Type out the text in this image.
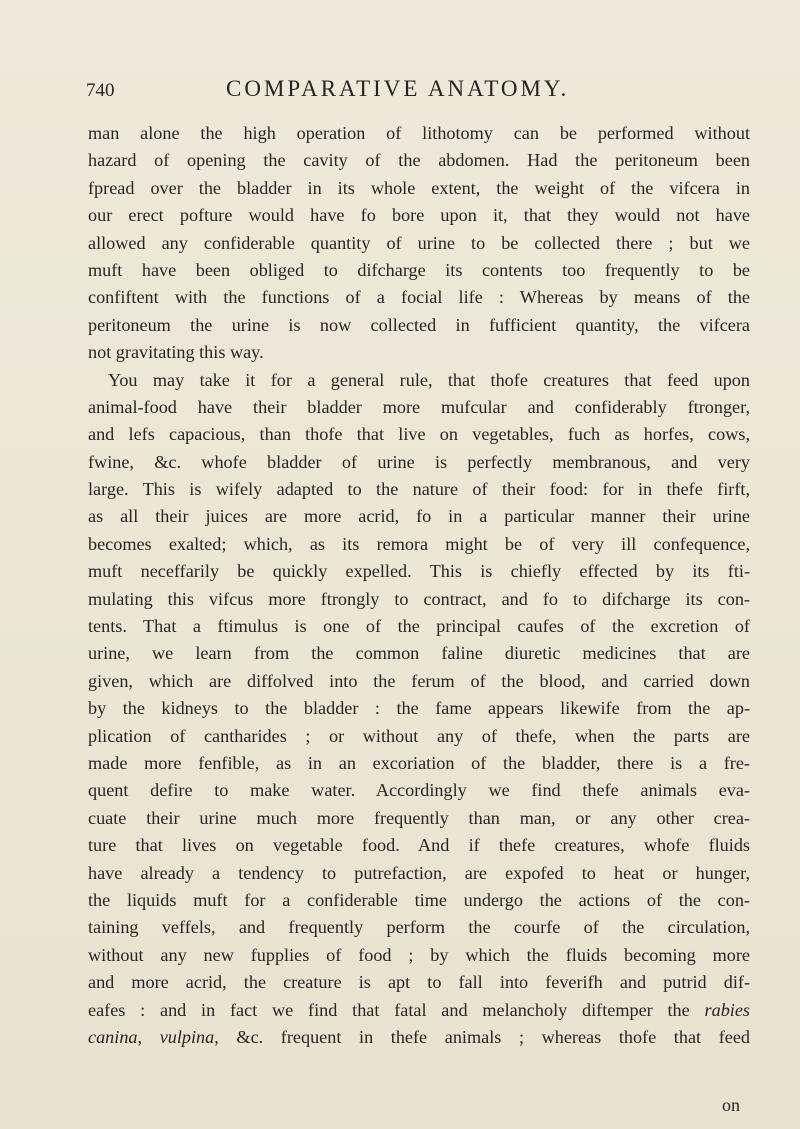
740	COMPARATIVE ANATOMY.
man alone the high operation of lithotomy can be performed without
hazard of opening the cavity of the abdomen. Had the peritoneum been
fpread over the bladder in its whole extent, the weight of the vifcera in
our erect pofture would have fo bore upon it, that they would not have
allowed any confiderable quantity of urine to be collected there ; but we
muft have been obliged to difcharge its contents too frequently to be
confiftent with the functions of a focial life : Whereas by means of the
peritoneum the urine is now collected in fufficient quantity, the vifcera
not gravitating this way.
You may take it for a general rule, that thofe creatures that feed upon
animal-food have their bladder more mufcular and confiderably ftronger,
and lefs capacious, than thofe that live on vegetables, fuch as horfes, cows,
fwine, &c. whofe bladder of urine is perfectly membranous, and very
large. This is wifely adapted to the nature of their food: for in thefe firft,
as all their juices are more acrid, fo in a particular manner their urine
becomes exalted; which, as its remora might be of very ill confequence,
muft neceffarily be quickly expelled. This is chiefly effected by its fti-
mulating this vifcus more ftrongly to contract, and fo to difcharge its con-
tents. That a ftimulus is one of the principal caufes of the excretion of
urine, we learn from the common faline diuretic medicines that are
given, which are diffolved into the ferum of the blood, and carried down
by the kidneys to the bladder : the fame appears likewife from the ap-
plication of cantharides ; or without any of thefe, when the parts are
made more fenfible, as in an excoriation of the bladder, there is a fre-
quent defire to make water. Accordingly we find thefe animals eva-
cuate their urine much more frequently than man, or any other crea-
ture that lives on vegetable food. And if thefe creatures, whofe fluids
have already a tendency to putrefaction, are expofed to heat or hunger,
the liquids muft for a confiderable time undergo the actions of the con-
taining veffels, and frequently perform the courfe of the circulation,
without any new fupplies of food ; by which the fluids becoming more
and more acrid, the creature is apt to fall into feverifh and putrid dif-
eafes : and in fact we find that fatal and melancholy diftemper the rabies
canina, vulpina, &c. frequent in thefe animals ; whereas thofe that feed
on
